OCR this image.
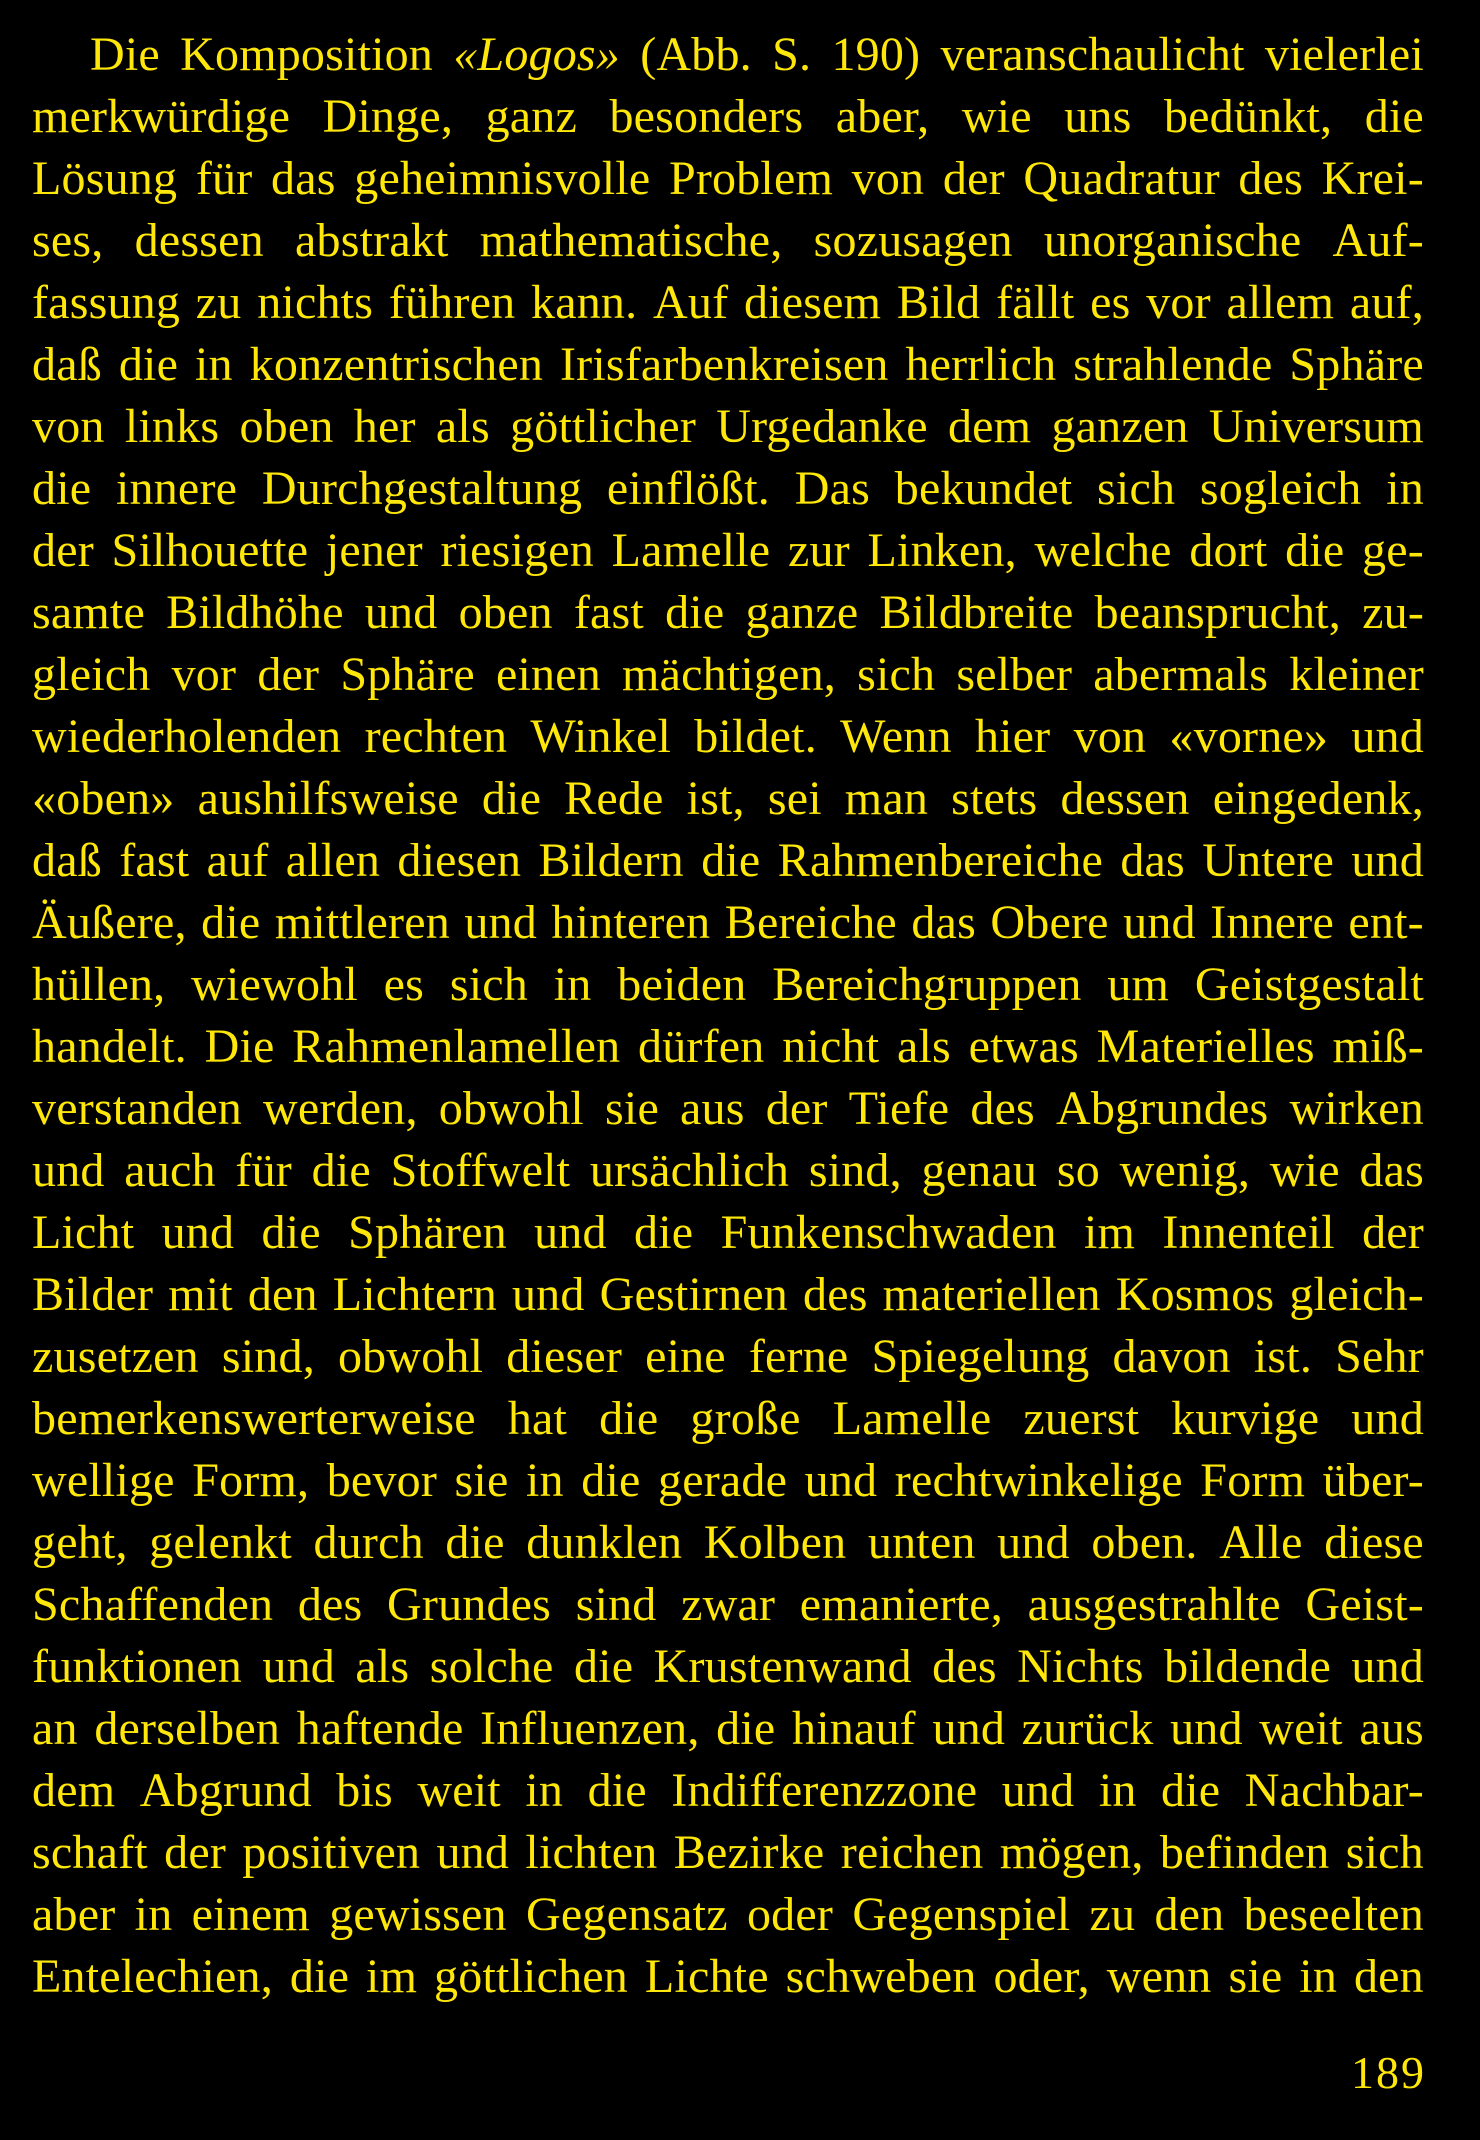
Die Komposition «Logos» (Abb. S. 190) veranschaulicht vielerlei
merkwürdige Dinge, ganz besonders aber, wie uns bedünkt, die
Lösung für das geheimnisvolle Problem von der Quadratur des Krei-
ses, dessen abstrakt mathematische, sozusagen unorganische Auf-
fassung zu nichts führen kann. Auf diesem Bild fällt es vor allem auf,
daß die in konzentrischen Irisfarbenkreisen herrlich strahlende Sphäre
von links oben her als göttlicher Urgedanke dem ganzen Universum
die innere Durchgestaltung einflößt. Das bekundet sich sogleich in
der Silhouette jener riesigen Lamelle zur Linken, welche dort die ge-
samte Bildhöhe und oben fast die ganze Bildbreite beansprucht, zu-
gleich vor der Sphäre einen mächtigen, sich selber abermals kleiner
wiederholenden rechten Winkel bildet. Wenn hier von «vorne» und
«oben» aushilfsweise die Rede ist, sei man stets dessen eingedenk,
daß fast auf allen diesen Bildern die Rahmenbereiche das Untere und
Äußere, die mittleren und hinteren Bereiche das Obere und Innere ent-
hüllen, wiewohl es sich in beiden Bereichgruppen um Geistgestalt
handelt. Die Rahmenlamellen dürfen nicht als etwas Materielles miß-
verstanden werden, obwohl sie aus der Tiefe des Abgrundes wirken
und auch für die Stoffwelt ursächlich sind, genau so wenig, wie das
Licht und die Sphären und die Funkenschwaden im Innenteil der
Bilder mit den Lichtern und Gestirnen des materiellen Kosmos gleich-
zusetzen sind, obwohl dieser eine ferne Spiegelung davon ist. Sehr
bemerkenswerterweise hat die große Lamelle zuerst kurvige und
wellige Form, bevor sie in die gerade und rechtwinkelige Form über-
geht, gelenkt durch die dunklen Kolben unten und oben. Alle diese
Schaffenden des Grundes sind zwar emanierte, ausgestrahlte Geist-
funktionen und als solche die Krustenwand des Nichts bildende und
an derselben haftende Influenzen, die hinauf und zurück und weit aus
dem Abgrund bis weit in die Indifferenzzone und in die Nachbar-
schaft der positiven und lichten Bezirke reichen mögen, befinden sich
aber in einem gewissen Gegensatz oder Gegenspiel zu den beseelten
Entelechien, die im göttlichen Lichte schweben oder, wenn sie in den
189
